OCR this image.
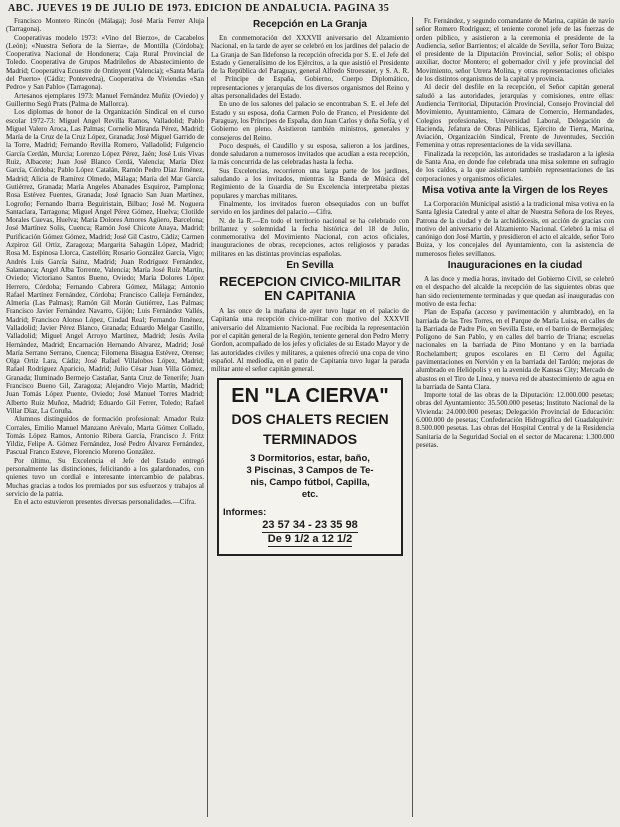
ABC. JUEVES 19 DE JULIO DE 1973. EDICION DE ANDALUCIA. PAGINA 35

Francisco Montero Rincón (Málaga); José María Ferrer Aluja (Tarragona).

Cooperativas modelo 1973: «Vino del Bierzo», de Cacabelos (León); «Nuestra Señora de la Sierra», de Montilla (Córdoba); Cooperativa Nacional de Hondonera; Caja Rural Provincial de Toledo. Cooperativa de Grupos Madrileños de Abastecimiento de Madrid; Cooperativa Ecuestre de Ontinyent (Valencia); «Santa María del Puerto» (Cádiz; Pontevedra), Cooperativa de Viviendas «San Pedro» y San Pablo» (Tarragona).

Artesanos ejemplares 1973: Manuel Fernández Muñiz (Oviedo) y Guillermo Segú Prats (Palma de Mallorca).

Los diplomas de honor de la Organización Sindical en el curso escolar 1972-73: Miguel Angel Revilla Ramos, Valladolid; Pablo Miguel Valero Aroca, Las Palmas; Cornelio Miranda Pérez, Madrid; María de la Cruz de la Cruz López, Granada; José Miguel Garrido de la Torre, Madrid; Fernando Revilla Romero, Valladolid; Fulgencio García Cerdán, Murcia; Lorenzo López Pérez, Jaén; José Luis Vivas Ruiz, Albacete; Juan José Blanco Cerdá, Valencia; María Díez García, Córdoba; Pablo López Catalán, Ramón Pedro Díaz Jiménez, Madrid; Alicia de Ramírez Olmedo, Málaga; María del Mar García Gutiérrez, Granada; María Angeles Abanades Esquiroz, Pamplona; Rosa Estévez Fuentes, Granada; José Ignacio San Juan Martínez, Logroño; Fernando Ibarra Beguiristain, Bilbao; José M. Noguera Santaclara, Tarragona; Miguel Angel Pérez Gómez, Huelva; Clotilde Morales Cuevas, Huelva; María Dolores Amores Agüero, Barcelona; José Martínez Solis, Cuenca; Ramón José Chicote Anaya, Madrid; Purificación Gómez Gómez, Madrid; José Gil Castro, Cádiz; Carmen Azpiroz Gil Ortiz, Zaragoza; Margarita Sahagún López, Madrid; Rosa M. Espinosa Llorca, Castellón; Rosario González García, Vigo; Andrés Luis García Sainz, Madrid; Juan Rodríguez Fernández, Salamanca; Angel Alba Torrente, Valencia; María José Ruiz Martín, Oviedo; Victoriano Santos Bueno, Oviedo; María Dolores López Herrero, Córdoba; Fernando Cabrera Gómez, Málaga; Antonio Rafael Martínez Fernández, Córdoba; Francisco Calleja Fernández, Almería (Las Palmas); Ramón Gil Morán Gutiérrez, Las Palmas; Francisco Javier Fernández Navarro, Gijón; Luis Fernández Vallés, Madrid; Francisco Alonso López, Ciudad Real; Fernando Jiménez, Valladolid; Javier Pérez Blanco, Granada; Eduardo Melgar Castillo, Valladolid; Miguel Angel Arroyo Martínez, Madrid; Jesús Avila Hernández, Madrid; Encarnación Hernando Alvarez, Madrid; José María Serrano Serrano, Cuenca; Filomena Bisagua Estévez, Orense; Olga Ortiz Lara, Cádiz; José Rafael Villalobos López, Madrid; Rafael Rodríguez Aparicio, Madrid; Julio César Juan Villa Gómez, Granada; Iluminado Bermejo Castañar, Santa Cruz de Tenerife; Juan Francisco Bueno Gil, Zaragoza; Alejandro Viejo Martín, Madrid; Juan Tomás López Puente, Oviedo; José Manuel Torres Madrid; Alberto Ruiz Muñoz, Madrid; Eduardo Gil Ferrer, Toledo; Rafael Villar Díaz, La Coruña.

Alumnos distinguidos de formación profesional: Amador Ruiz Corrales, Emilio Manuel Manzano Arévalo, Marta Gómez Collado, Tomás López Ramos, Antonio Ribera García, Francisco J. Fritz Yildiz, Felipe A. Gómez Fernández, José Pedro Álvarez Fernández, Pascual Franco Esteve, Florencio Moreno González.

Por último, Su Excelencia el Jefe del Estado entregó personalmente las distinciones, felicitando a los galardonados, con quienes tuvo un cordial e interesante intercambio de palabras. Muchas gracias a todos los premiados por sus esfuerzos y trabajos al servicio de la patria.

En el acto estuvieron presentes diversas personalidades.—Cifra.

Recepción en La Granja

En conmemoración del XXXVII aniversario del Alzamiento Nacional, en la tarde de ayer se celebró en los jardines del palacio de La Granja de San Ildefonso la recepción ofrecida por S. E. el Jefe del Estado y Generalísimo de los Ejércitos, a la que asistió el Presidente de la República del Paraguay, general Alfredo Stroessner, y S. A. R. el Príncipe de España, Gobierno, Cuerpo Diplomático, representaciones y jerarquías de los diversos organismos del Reino y altas personalidades del Estado.

En uno de los salones del palacio se encontraban S. E. el Jefe del Estado y su esposa, doña Carmen Polo de Franco, el Presidente del Paraguay, los Príncipes de España, don Juan Carlos y doña Sofía, y el Gobierno en pleno. Asistieron también ministros, generales y consejeros del Reino.

Poco después, el Caudillo y su esposa, salieron a los jardines, donde saludaron a numerosos invitados que acudían a esta recepción, la más concurrida de las celebradas hasta la fecha.

Sus Excelencias, recorrieron una larga parte de los jardines, saludando a los invitados, mientras la Banda de Música del Regimiento de la Guardia de Su Excelencia interpretaba piezas populares y marchas militares.

Finalmente, los invitados fueron obsequiados con un buffet servido en los jardines del palacio.—Cifra.

N. de la R.—En todo el territorio nacional se ha celebrado con brillantez y solemnidad la fecha histórica del 18 de Julio, conmemorativa del Movimiento Nacional, con actos oficiales, inauguraciones de obras, recepciones, actos religiosos y paradas militares en las distintas provincias españolas.

En Sevilla
RECEPCION CIVICO-MILITAR EN CAPITANIA

A las once de la mañana de ayer tuvo lugar en el palacio de Capitanía una recepción cívico-militar con motivo del XXXVII aniversario del Alzamiento Nacional. Fue recibida la representación por el capitán general de la Región, teniente general don Pedro Merry Gordon, acompañado de los jefes y oficiales de su Estado Mayor y de las autoridades civiles y militares, a quienes ofreció una copa de vino español. Al mediodía, en el patio de Capitanía tuvo lugar la parada militar ante el señor capitán general.

EN "LA CIERVA"
DOS CHALETS RECIEN
TERMINADOS
3 Dormitorios, estar, baño,
3 Piscinas, 3 Campos de Te-
nis, Campo fútbol, Capilla,
etc.
Informes:
23 57 34 - 23 35 98
De 9 1/2 a 12 1/2

Fr. Fernández, y segundo comandante de Marina, capitán de navío señor Romero Rodríguez; el teniente coronel jefe de las fuerzas de orden público, y asistieron a la ceremonia el presidente de la Audiencia, señor Barrientos; el alcalde de Sevilla, señor Toro Buiza; el presidente de la Diputación Provincial, señor Solís; el obispo auxiliar, doctor Montero; el gobernador civil y jefe provincial del Movimiento, señor Utrera Molina, y otras representaciones oficiales de los distintos organismos de la capital y provincia.

Al decir del desfile en la recepción, el Señor capitán general saludó a las autoridades, jerarquías y comisiones, entre ellas: Audiencia Territorial, Diputación Provincial, Consejo Provincial del Movimiento, Ayuntamiento, Cámara de Comercio, Hermandades, Colegios profesionales, Universidad Laboral, Delegación de Hacienda, Jefatura de Obras Públicas, Ejército de Tierra, Marina, Aviación, Organización Sindical, Frente de Juventudes, Sección Femenina y otras representaciones de la vida sevillana.

Finalizada la recepción, las autoridades se trasladaron a la iglesia de Santa Ana, en donde fue celebrada una misa solemne en sufragio de los caídos, a la que asistieron también representaciones de las corporaciones y organismos oficiales.

Misa votiva ante la Virgen de los Reyes

La Corporación Municipal asistió a la tradicional misa votiva en la Santa Iglesia Catedral y ante el altar de Nuestra Señora de los Reyes, Patrona de la ciudad y de la archidiócesis, en acción de gracias con motivo del aniversario del Alzamiento Nacional. Celebró la misa el canónigo don José Martín, y presidieron el acto el alcalde, señor Toro Buiza, y los concejales del Ayuntamiento, con la asistencia de numerosos fieles sevillanos.

Inauguraciones en la ciudad

A las doce y media horas, invitado del Gobierno Civil, se celebró en el despacho del alcalde la recepción de las siguientes obras que han sido recientemente terminadas y que quedan así inauguradas con motivo de esta fecha:

Plan de España (acceso y pavimentación y alumbrado), en la barriada de las Tres Torres, en el Parque de María Luisa, en calles de la Barriada de Padre Pío, en Sevilla Este, en el barrio de Bermejales; Polígono de San Pablo, y en calles del barrio de Triana; escuelas nacionales en la barriada de Pino Montano y en la barriada Rochelambert; grupos escolares en El Cerro del Águila; pavimentaciones en Nervión y en la barriada del Tardón; mejoras de alumbrado en Heliópolis y en la avenida de Kansas City; Mercado de abastos en el Tiro de Línea, y nueva red de abastecimiento de agua en la barriada de Santa Clara.

Importe total de las obras de la Diputación: 12.000.000 pesetas; obras del Ayuntamiento: 35.500.000 pesetas; Instituto Nacional de la Vivienda: 24.000.000 pesetas; Delegación Provincial de Educación: 6.000.000 de pesetas; Confederación Hidrográfica del Guadalquivir: 8.500.000 pesetas. Las obras del Hospital Central y de la Residencia Sanitaria de la Seguridad Social en el sector de Macarena: 1.300.000 pesetas.
